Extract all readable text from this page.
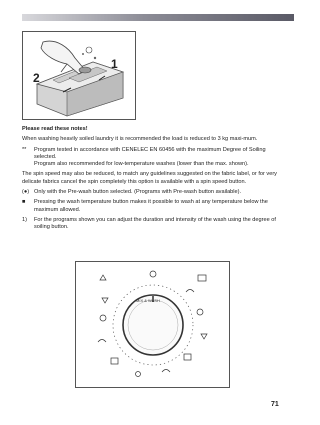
1
2

Please read these notes!

When washing heavily soiled laundry it is recommended the load is reduced to 3 kg maxi-mum.

**	Program tested in accordance with CENELEC EN 60456 with the maximum Degree of Soiling selected.
Program also recommended for low-temperature washes (lower than the max. shown).

The spin speed may also be reduced, to match any guidelines suggested on the fabric label, or for very delicate fabrics cancel the spin completely this option is available with a spin speed button.

(●) Only with the Pre-wash button selected. (Programs with Pre-wash button available).
■	Pressing the wash temperature button makes it possible to wash at any temperature below the maximum allowed.
1)	For the programs shown you can adjust the duration and intensity of the wash using the degree of soiling button.
MIX & WASH
71
